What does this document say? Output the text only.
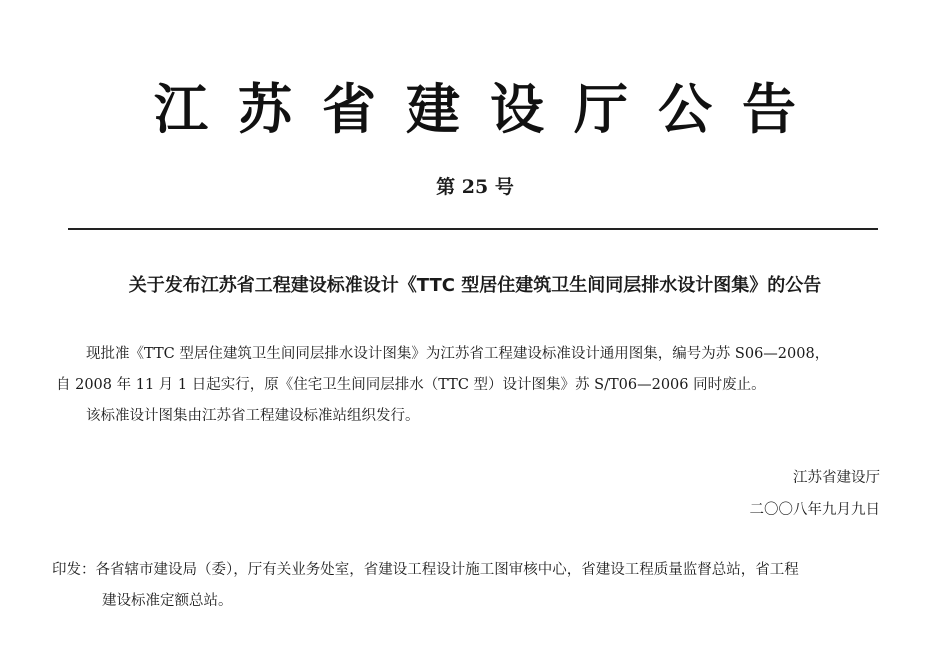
江苏省建设厅公告
第 25 号
关于发布江苏省工程建设标准设计《TTC 型居住建筑卫生间同层排水设计图集》的公告

现批准《TTC 型居住建筑卫生间同层排水设计图集》为江苏省工程建设标准设计通用图集，编号为苏 S06—2008，

自 2008 年 11 月 1 日起实行，原《住宅卫生间同层排水（TTC 型）设计图集》苏 S/T06—2006 同时废止。

该标准设计图集由江苏省工程建设标准站组织发行。

江苏省建设厅
二〇〇八年九月九日
印发：各省辖市建设局（委），厅有关业务处室，省建设工程设计施工图审核中心，省建设工程质量监督总站，省工程
建设标准定额总站。
